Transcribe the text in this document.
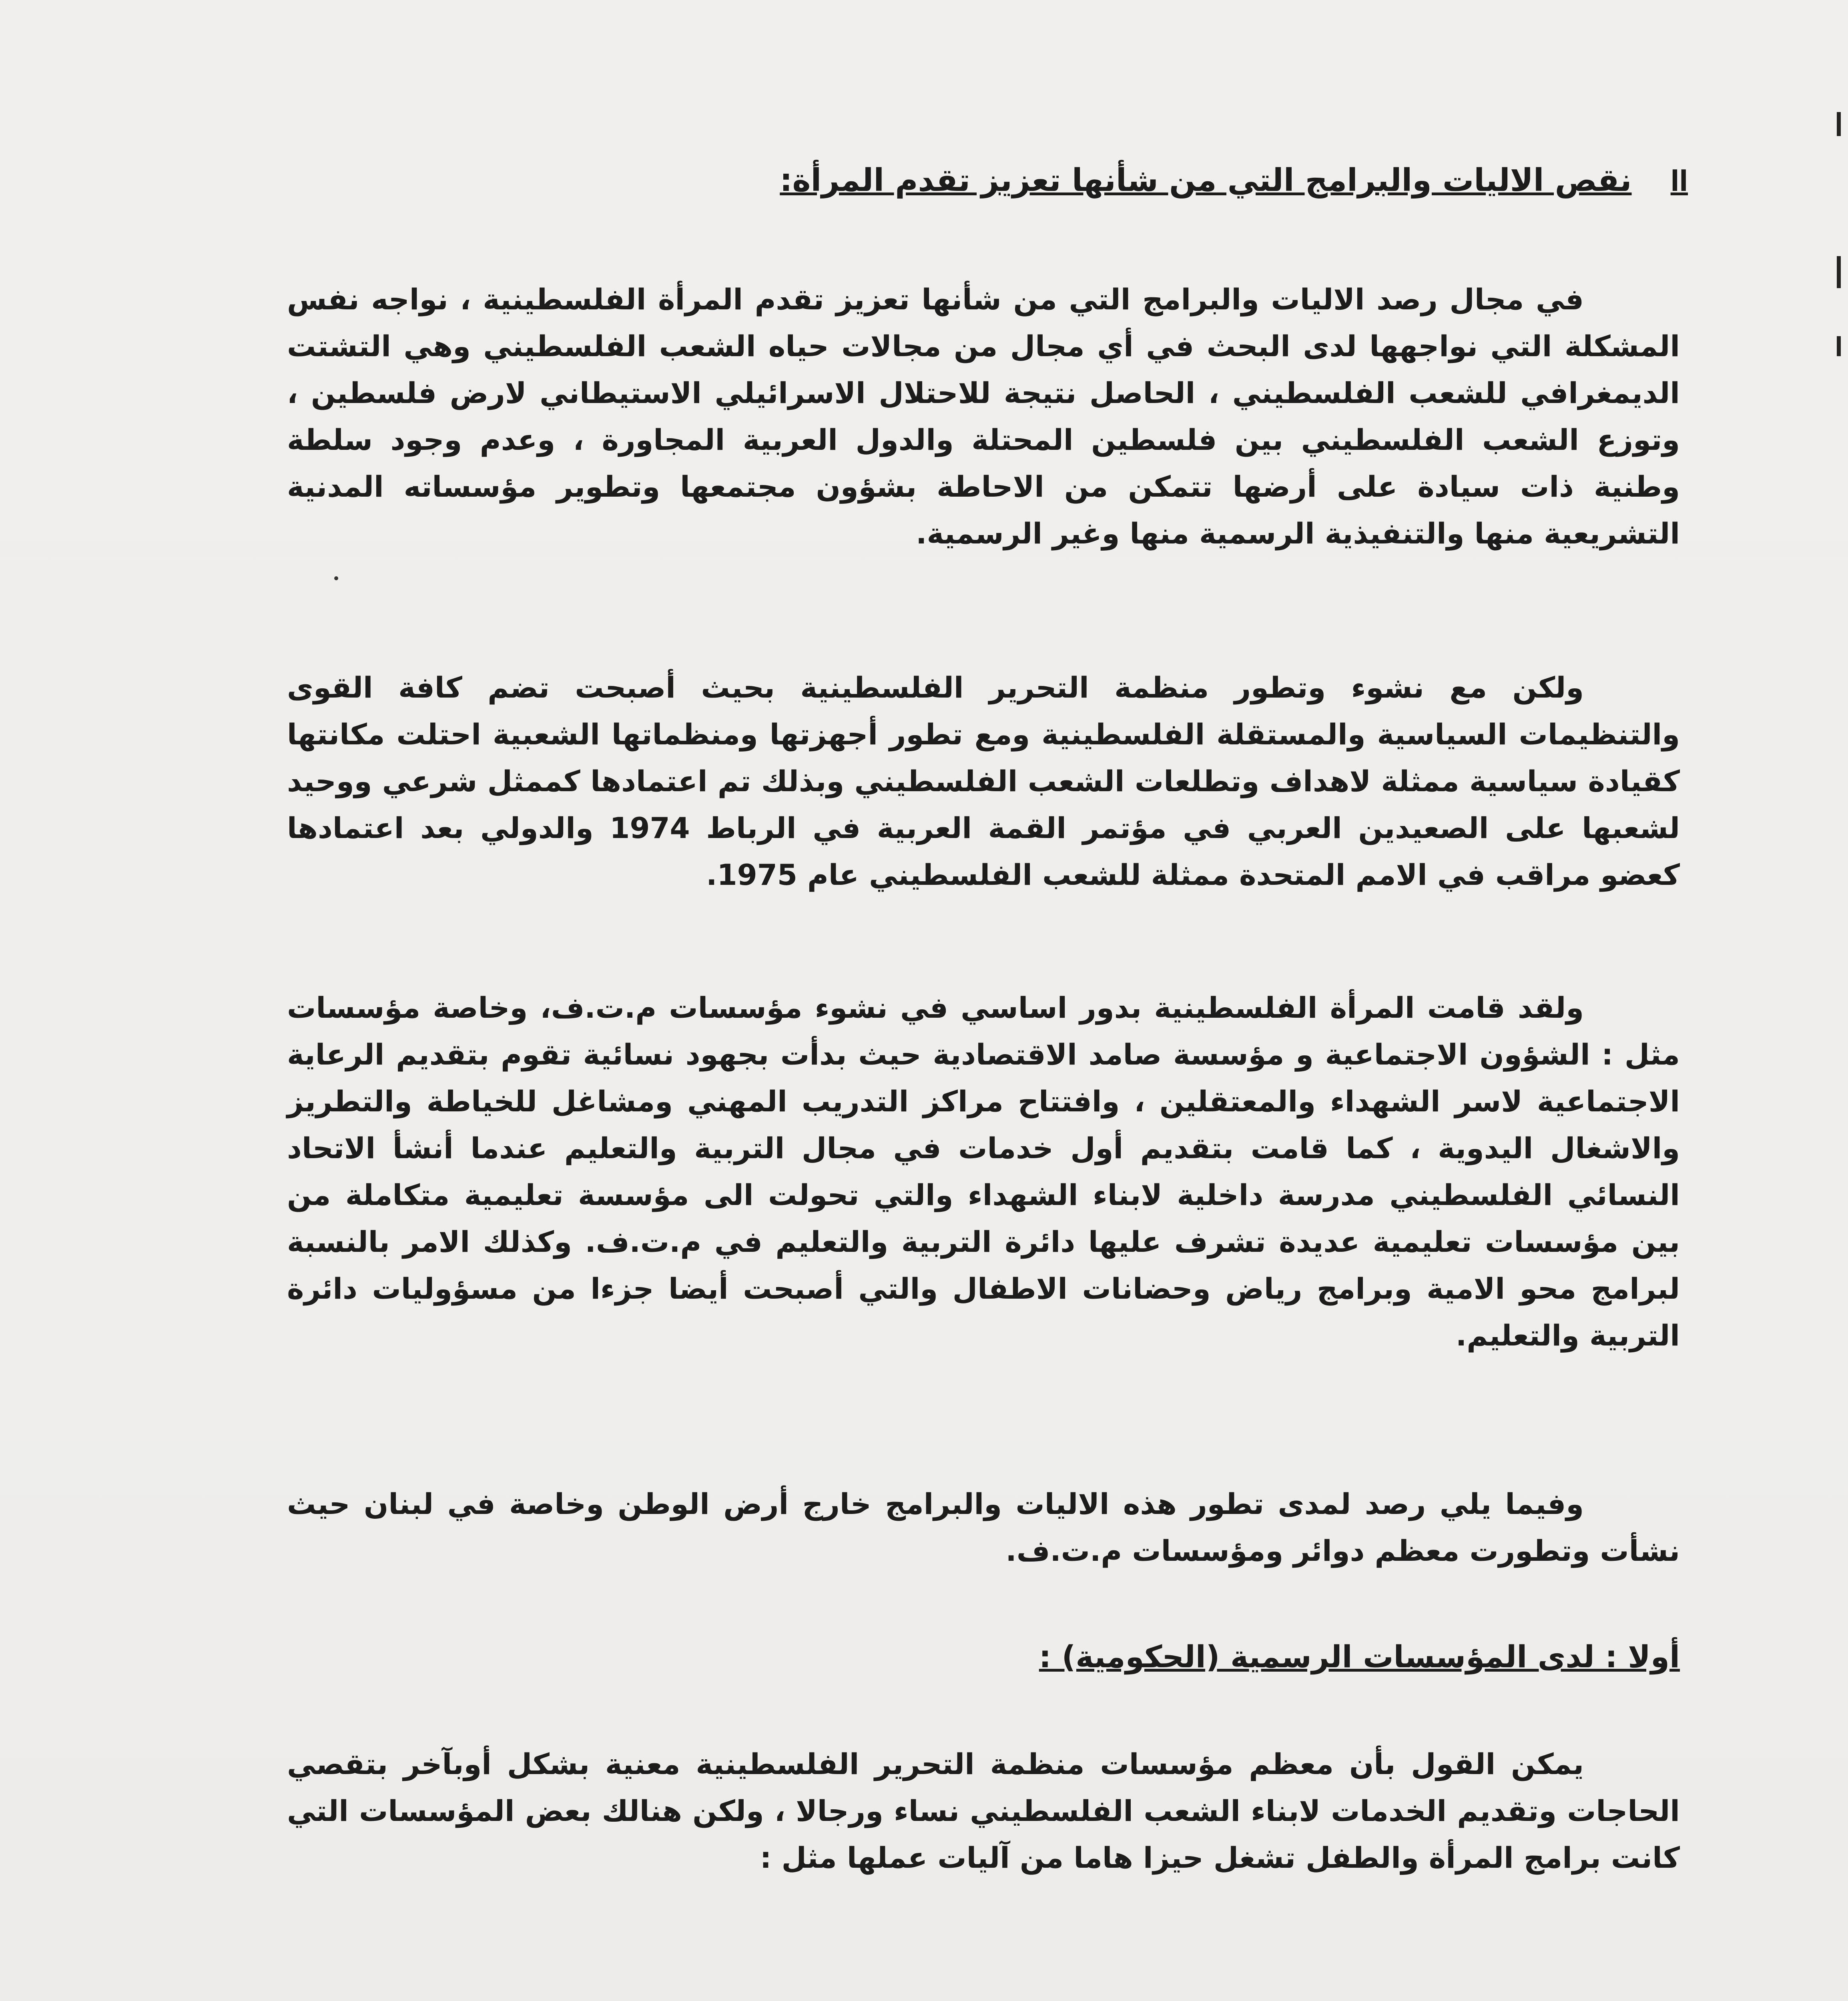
II نقص الاليات والبرامج التي من شأنها تعزيز تقدم المرأة:

في مجال رصد الاليات والبرامج التي من شأنها تعزيز تقدم المرأة الفلسطينية ، نواجه نفس المشكلة التي نواجهها لدى البحث في أي مجال من مجالات حياه الشعب الفلسطيني وهي التشتت الديمغرافي للشعب الفلسطيني ، الحاصل نتيجة للاحتلال الاسرائيلي الاستيطاني لارض فلسطين ، وتوزع الشعب الفلسطيني بين فلسطين المحتلة والدول العربية المجاورة ، وعدم وجود سلطة وطنية ذات سيادة على أرضها تتمكن من الاحاطة بشؤون مجتمعها وتطوير مؤسساته المدنية التشريعية منها والتنفيذية الرسمية منها وغير الرسمية.

ولكن مع نشوء وتطور منظمة التحرير الفلسطينية بحيث أصبحت تضم كافة القوى والتنظيمات السياسية والمستقلة الفلسطينية ومع تطور أجهزتها ومنظماتها الشعبية احتلت مكانتها كقيادة سياسية ممثلة لاهداف وتطلعات الشعب الفلسطيني وبذلك تم اعتمادها كممثل شرعي ووحيد لشعبها على الصعيدين العربي في مؤتمر القمة العربية في الرباط 1974 والدولي بعد اعتمادها كعضو مراقب في الامم المتحدة ممثلة للشعب الفلسطيني عام 1975.

ولقد قامت المرأة الفلسطينية بدور اساسي في نشوء مؤسسات م.ت.ف، وخاصة مؤسسات مثل : الشؤون الاجتماعية و مؤسسة صامد الاقتصادية حيث بدأت بجهود نسائية تقوم بتقديم الرعاية الاجتماعية لاسر الشهداء والمعتقلين ، وافتتاح مراكز التدريب المهني ومشاغل للخياطة والتطريز والاشغال اليدوية ، كما قامت بتقديم أول خدمات في مجال التربية والتعليم عندما أنشأ الاتحاد النسائي الفلسطيني مدرسة داخلية لابناء الشهداء والتي تحولت الى مؤسسة تعليمية متكاملة من بين مؤسسات تعليمية عديدة تشرف عليها دائرة التربية والتعليم في م.ت.ف. وكذلك الامر بالنسبة لبرامج محو الامية وبرامج رياض وحضانات الاطفال والتي أصبحت أيضا جزءا من مسؤوليات دائرة التربية والتعليم.

وفيما يلي رصد لمدى تطور هذه الاليات والبرامج خارج أرض الوطن وخاصة في لبنان حيث نشأت وتطورت معظم دوائر ومؤسسات م.ت.ف.

أولا : لدى المؤسسات الرسمية (الحكومية) :

يمكن القول بأن معظم مؤسسات منظمة التحرير الفلسطينية معنية بشكل أوبآخر بتقصي الحاجات وتقديم الخدمات لابناء الشعب الفلسطيني نساء ورجالا ، ولكن هنالك بعض المؤسسات التي كانت برامج المرأة والطفل تشغل حيزا هاما من آليات عملها مثل :
